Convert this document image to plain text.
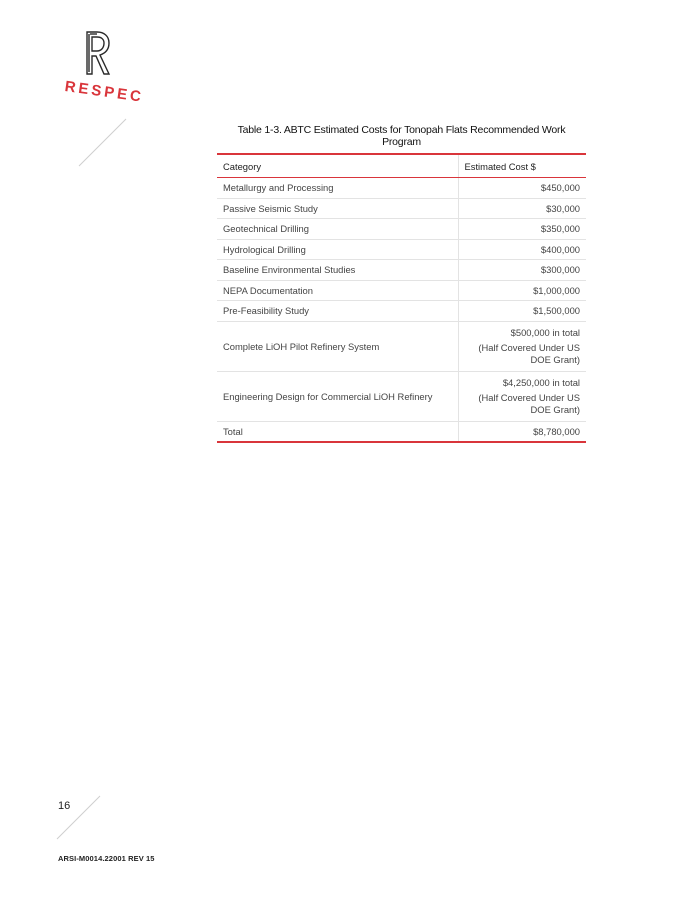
RESPEC
Table 1-3. ABTC Estimated Costs for Tonopah Flats Recommended Work Program
Category	Estimated Cost $
Metallurgy and Processing	$450,000
Passive Seismic Study	$30,000
Geotechnical Drilling	$350,000
Hydrological Drilling	$400,000
Baseline Environmental Studies	$300,000
NEPA Documentation	$1,000,000
Pre-Feasibility Study	$1,500,000
Complete LiOH Pilot Refinery System	$500,000 in total
(Half Covered Under US DOE Grant)

Engineering Design for Commercial LiOH Refinery	$4,250,000 in total
(Half Covered Under US DOE Grant)

Total	$8,780,000
16
ARSI-M0014.22001 REV 15
